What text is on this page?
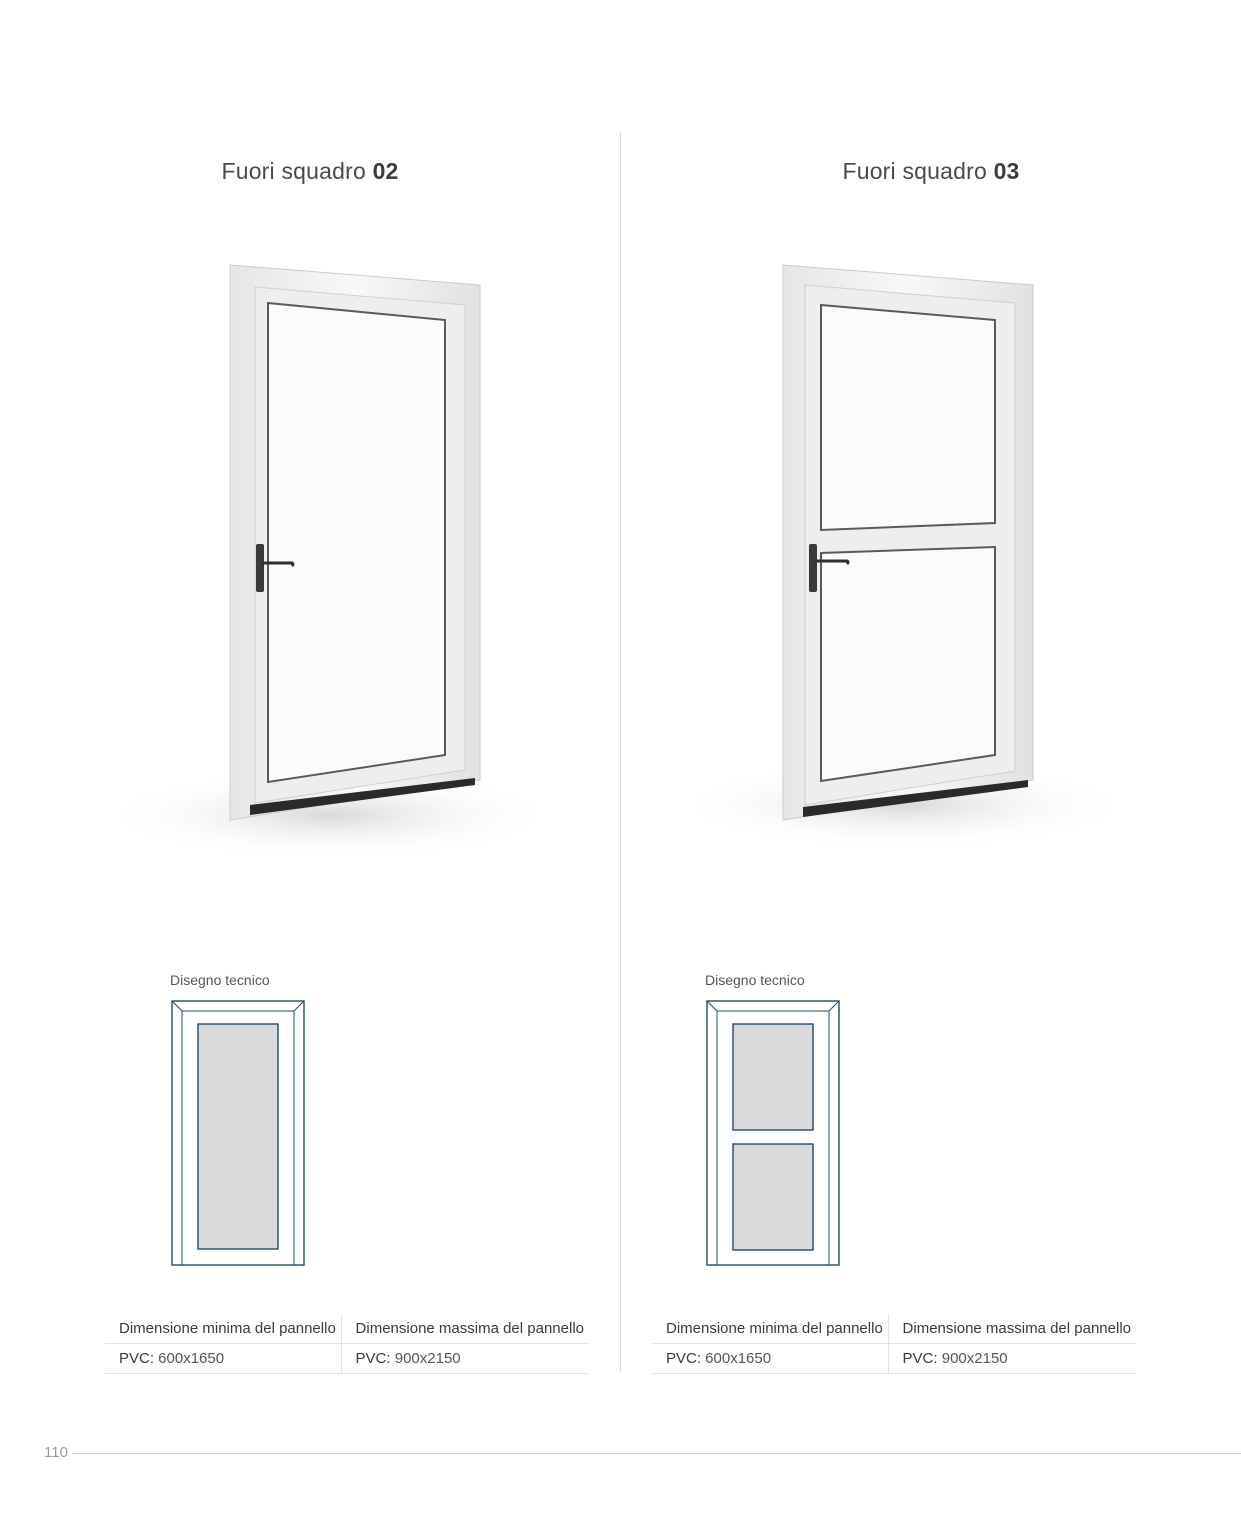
Fuori squadro 02
Disegno tecnico
Dimensione minima del pannello	Dimensione massima del pannello
PVC: 600x1650	PVC: 900x2150
Fuori squadro 03
Disegno tecnico
Dimensione minima del pannello	Dimensione massima del pannello
PVC: 600x1650	PVC: 900x2150
110
